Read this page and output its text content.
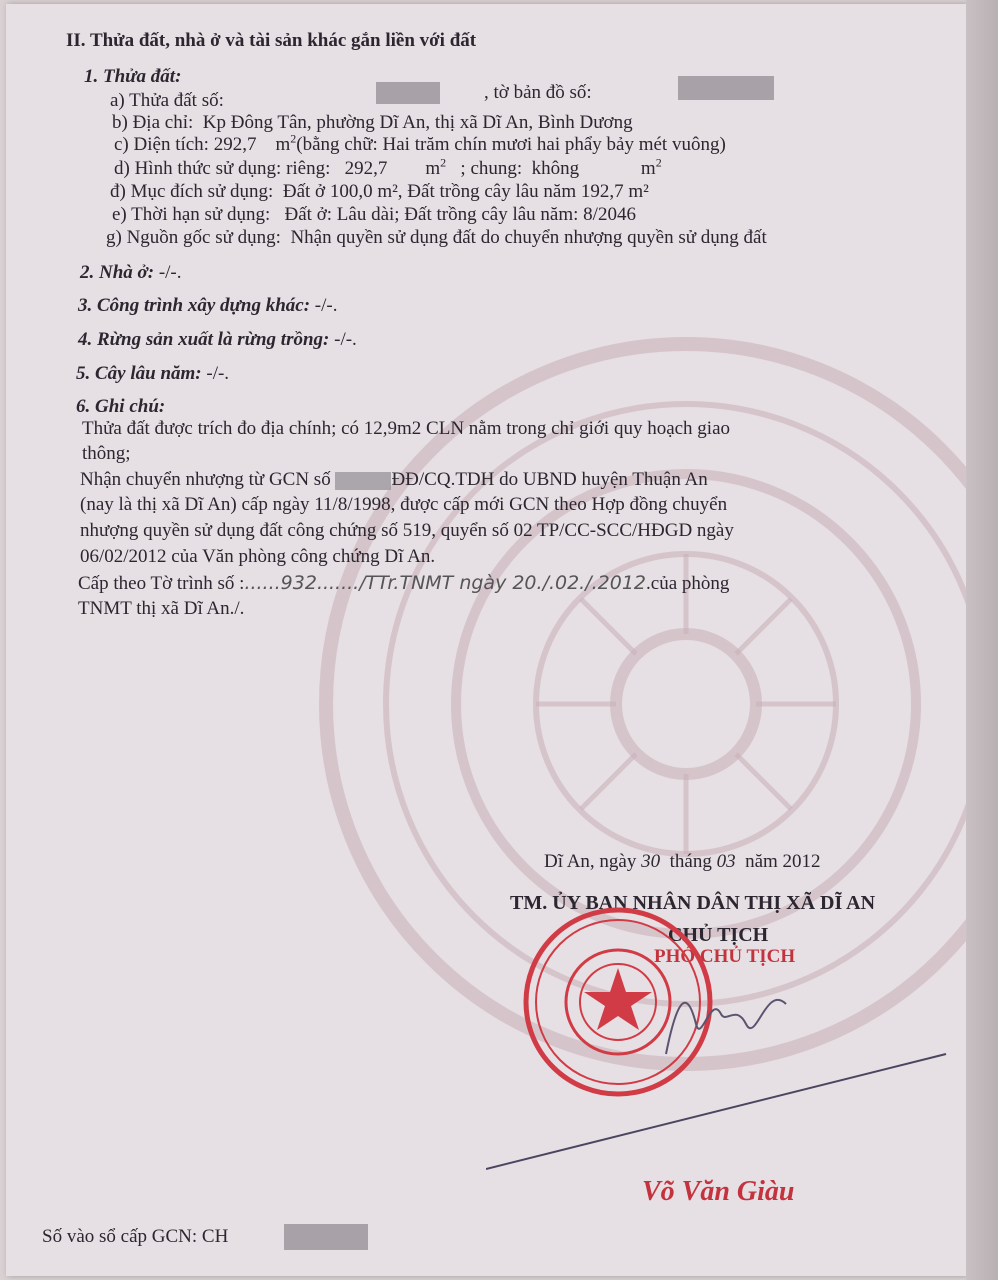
II. Thửa đất, nhà ở và tài sản khác gắn liền với đất
1. Thửa đất:
a) Thửa đất số:	, tờ bản đồ số:
b) Địa chỉ: Kp Đông Tân, phường Dĩ An, thị xã Dĩ An, Bình Dương
c) Diện tích: 292,7    $m^2(bằng$ chữ: Hai trăm chín mươi hai phẩy bảy mét vuông)
d) Hình thức sử dụng: riêng: 292,7        $m^2$ ; chung: không             $m^2$
đ) Mục đích sử dụng: Đất ở 100,0 m², Đất trồng cây lâu năm 192,7 m²
e) Thời hạn sử dụng: Đất ở: Lâu dài; Đất trồng cây lâu năm: 8/2046
g) Nguồn gốc sử dụng: Nhận quyền sử dụng đất do chuyển nhượng quyền sử dụng đất
2. Nhà ở: -/-.
3. Công trình xây dựng khác: -/-.
4. Rừng sản xuất là rừng trồng: -/-.
5. Cây lâu năm: -/-.
6. Ghi chú:
Thửa đất được trích đo địa chính; có 12,9m2 CLN nằm trong chỉ giới quy hoạch giao
thông;
Nhận chuyển nhượng từ GCN số	ĐĐ/CQ.TDH do UBND huyện Thuận An
(nay là thị xã Dĩ An) cấp ngày 11/8/1998, được cấp mới GCN theo Hợp đồng chuyển
nhượng quyền sử dụng đất công chứng số 519, quyển số 02 TP/CC-SCC/HĐGD ngày
06/02/2012 của Văn phòng công chứng Dĩ An.
Cấp theo Tờ trình số :......932......./TTr.TNMT ngày 20./.02./.2012.của phòng
TNMT thị xã Dĩ An./.
Dĩ An, ngày 30 tháng 03 năm 2012
TM. ỦY BAN NHÂN DÂN THỊ XÃ DĨ AN
CHỦ TỊCH
PHÓ CHỦ TỊCH
Võ Văn Giàu
Số vào sổ cấp GCN: CH
